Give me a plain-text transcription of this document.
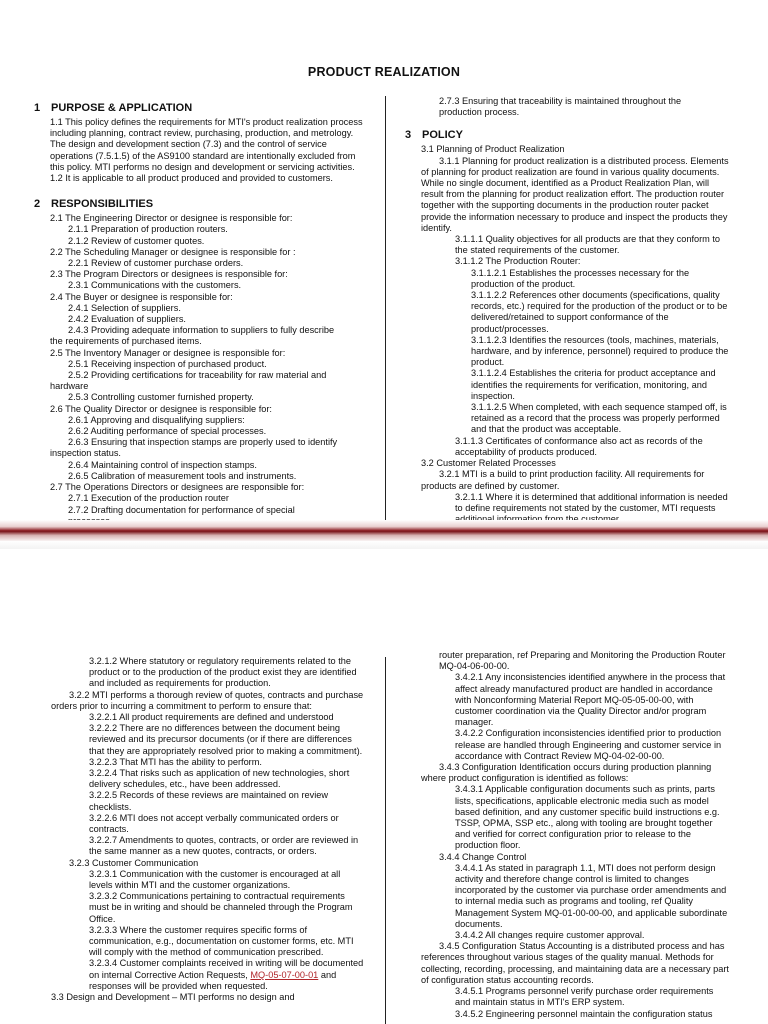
PRODUCT REALIZATION
1 PURPOSE & APPLICATION
1.1 This policy defines the requirements for MTI's product realization process including planning, contract review, purchasing, production, and metrology. The design and development section (7.3) and the control of service operations (7.5.1.5) of the AS9100 standard are intentionally excluded from this policy. MTI performs no design and development or servicing activities.
1.2 It is applicable to all product produced and provided to customers.
2 RESPONSIBILITIES
2.1 The Engineering Director or designee is responsible for:
2.1.1 Preparation of production routers.
2.1.2 Review of customer quotes.
2.2 The Scheduling Manager or designee is responsible for :
2.2.1 Review of customer purchase orders.
2.3 The Program Directors or designees is responsible for:
2.3.1 Communications with the customers.
2.4 The Buyer or designee is responsible for:
2.4.1 Selection of suppliers.
2.4.2 Evaluation of suppliers.
2.4.3 Providing adequate information to suppliers to fully describe
the requirements of purchased items.
2.5 The Inventory Manager or designee is responsible for:
2.5.1 Receiving inspection of purchased product.
2.5.2 Providing certifications for traceability for raw material and
hardware
2.5.3 Controlling customer furnished property.
2.6 The Quality Director or designee is responsible for:
2.6.1 Approving and disqualifying suppliers:
2.6.2 Auditing performance of special processes.
2.6.3 Ensuring that inspection stamps are properly used to identify
inspection status.
2.6.4 Maintaining control of inspection stamps.
2.6.5 Calibration of measurement tools and instruments.
2.7 The Operations Directors or designees are responsible for:
2.7.1 Execution of the production router
2.7.2 Drafting documentation for performance of special
2.7.3 Ensuring that traceability is maintained throughout the
production process.
3 POLICY
3.1 Planning of Product Realization
3.1.1 Planning for product realization is a distributed process. Elements of planning for product realization are found in various quality documents. While no single document, identified as a Product Realization Plan, will result from the planning for product realization effort. The production router together with the supporting documents in the production router packet provide the information necessary to produce and inspect the products they identify.
3.1.1.1 Quality objectives for all products are that they conform to the stated requirements of the customer.
3.1.1.2 The Production Router:
3.1.1.2.1 Establishes the processes necessary for the production of the product.
3.1.1.2.2 References other documents (specifications, quality records, etc.) required for the production of the product or to be delivered/retained to support conformance of the product/processes.
3.1.1.2.3 Identifies the resources (tools, machines, materials, hardware, and by inference, personnel) required to produce the product.
3.1.1.2.4 Establishes the criteria for product acceptance and identifies the requirements for verification, monitoring, and inspection.
3.1.1.2.5 When completed, with each sequence stamped off, is retained as a record that the process was properly performed and that the product was acceptable.
3.1.1.3 Certificates of conformance also act as records of the acceptability of products produced.
3.2 Customer Related Processes
3.2.1 MTI is a build to print production facility. All requirements for products are defined by customer.
3.2.1.1 Where it is determined that additional information is needed to define requirements not stated by the customer, MTI requests
3.2.1.2 Where statutory or regulatory requirements related to the product or to the production of the product exist they are identified and included as requirements for production.
3.2.2 MTI performs a thorough review of quotes, contracts and purchase orders prior to incurring a commitment to perform to ensure that:
3.2.2.1 All product requirements are defined and understood
3.2.2.2 There are no differences between the document being reviewed and its precursor documents (or if there are differences that they are appropriately resolved prior to making a commitment).
3.2.2.3 That MTI has the ability to perform.
3.2.2.4 That risks such as application of new technologies, short delivery schedules, etc., have been addressed.
3.2.2.5 Records of these reviews are maintained on review checklists.
3.2.2.6 MTI does not accept verbally communicated orders or contracts.
3.2.2.7 Amendments to quotes, contracts, or order are reviewed in the same manner as a new quotes, contracts, or orders.
3.2.3 Customer Communication
3.2.3.1 Communication with the customer is encouraged at all levels within MTI and the customer organizations.
3.2.3.2 Communications pertaining to contractual requirements must be in writing and should be channeled through the Program Office.
3.2.3.3 Where the customer requires specific forms of communication, e.g., documentation on customer forms, etc. MTI will comply with the method of communication prescribed.
3.2.3.4 Customer complaints received in writing will be documented on internal Corrective Action Requests, MQ-05-07-00-01 and responses will be provided when requested.
3.3 Design and Development – MTI performs no design and
router preparation, ref Preparing and Monitoring the Production Router MQ-04-06-00-00.
3.4.2.1 Any inconsistencies identified anywhere in the process that affect already manufactured product are handled in accordance with Nonconforming Material Report MQ-05-05-00-00, with customer coordination via the Quality Director and/or program manager.
3.4.2.2 Configuration inconsistencies identified prior to production release are handled through Engineering and customer service in accordance with Contract Review MQ-04-02-00-00.
3.4.3 Configuration Identification occurs during production planning where product configuration is identified as follows:
3.4.3.1 Applicable configuration documents such as prints, parts lists, specifications, applicable electronic media such as model based definition, and any customer specific build instructions e.g. TSSP, OPMA, SSP etc., along with tooling are brought together and verified for correct configuration prior to release to the production floor.
3.4.4 Change Control
3.4.4.1 As stated in paragraph 1.1, MTI does not perform design activity and therefore change control is limited to changes incorporated by the customer via purchase order amendments and to internal media such as programs and tooling, ref Quality Management System MQ-01-00-00-00, and applicable subordinate documents.
3.4.4.2 All changes require customer approval.
3.4.5 Configuration Status Accounting is a distributed process and has references throughout various stages of the quality manual. Methods for collecting, recording, processing, and maintaining data are a necessary part of configuration status accounting records.
3.4.5.1 Programs personnel verify purchase order requirements and maintain status in MTI's ERP system.
3.4.5.2 Engineering personnel maintain the configuration status
